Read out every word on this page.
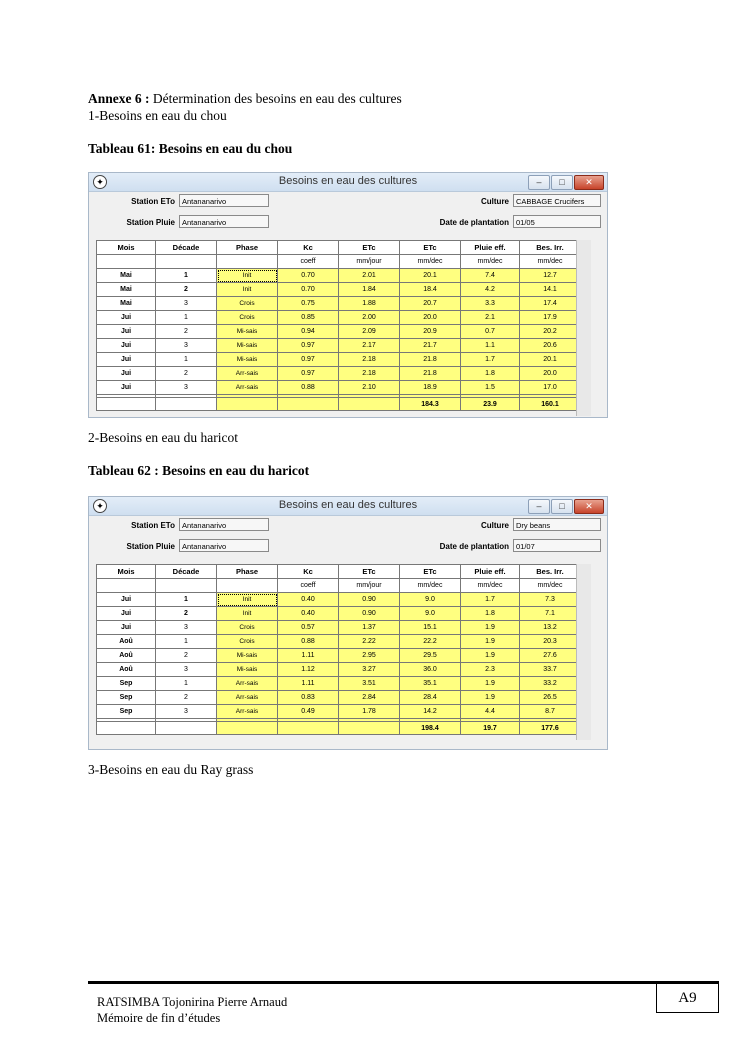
Annexe 6 : Détermination des besoins en eau des cultures
1-Besoins en eau du chou
Tableau 61: Besoins en eau du chou
✦	Besoins en eau des cultures	–	□	✕
Station ETo Antananarivo
Station Pluie Antananarivo
Culture CABBAGE Crucifers
Date de plantation 01/05
Mois	Décade	Phase	Kc	ETc	ETc	Pluie eff.	Bes. Irr.
			coeff	mm/jour	mm/dec	mm/dec	mm/dec
Mai	1	Init	0.70	2.01	20.1	7.4	12.7
Mai	2	Init	0.70	1.84	18.4	4.2	14.1
Mai	3	Crois	0.75	1.88	20.7	3.3	17.4
Jui	1	Crois	0.85	2.00	20.0	2.1	17.9
Jui	2	Mi-sais	0.94	2.09	20.9	0.7	20.2
Jui	3	Mi-sais	0.97	2.17	21.7	1.1	20.6
Jui	1	Mi-sais	0.97	2.18	21.8	1.7	20.1
Jui	2	Arr-sais	0.97	2.18	21.8	1.8	20.0
Jui	3	Arr-sais	0.88	2.10	18.9	1.5	17.0

					184.3	23.9	160.1
2-Besoins en eau du haricot
Tableau 62 : Besoins en eau du haricot
✦	Besoins en eau des cultures	–	□	✕
Station ETo Antananarivo
Station Pluie Antananarivo
Culture Dry beans
Date de plantation 01/07
Mois	Décade	Phase	Kc	ETc	ETc	Pluie eff.	Bes. Irr.
			coeff	mm/jour	mm/dec	mm/dec	mm/dec
Jui	1	Init	0.40	0.90	9.0	1.7	7.3
Jui	2	Init	0.40	0.90	9.0	1.8	7.1
Jui	3	Crois	0.57	1.37	15.1	1.9	13.2
Aoû	1	Crois	0.88	2.22	22.2	1.9	20.3
Aoû	2	Mi-sais	1.11	2.95	29.5	1.9	27.6
Aoû	3	Mi-sais	1.12	3.27	36.0	2.3	33.7
Sep	1	Arr-sais	1.11	3.51	35.1	1.9	33.2
Sep	2	Arr-sais	0.83	2.84	28.4	1.9	26.5
Sep	3	Arr-sais	0.49	1.78	14.2	4.4	8.7

					198.4	19.7	177.6
3-Besoins en eau du Ray grass
A9
RATSIMBA Tojonirina Pierre Arnaud
Mémoire de fin d’études
